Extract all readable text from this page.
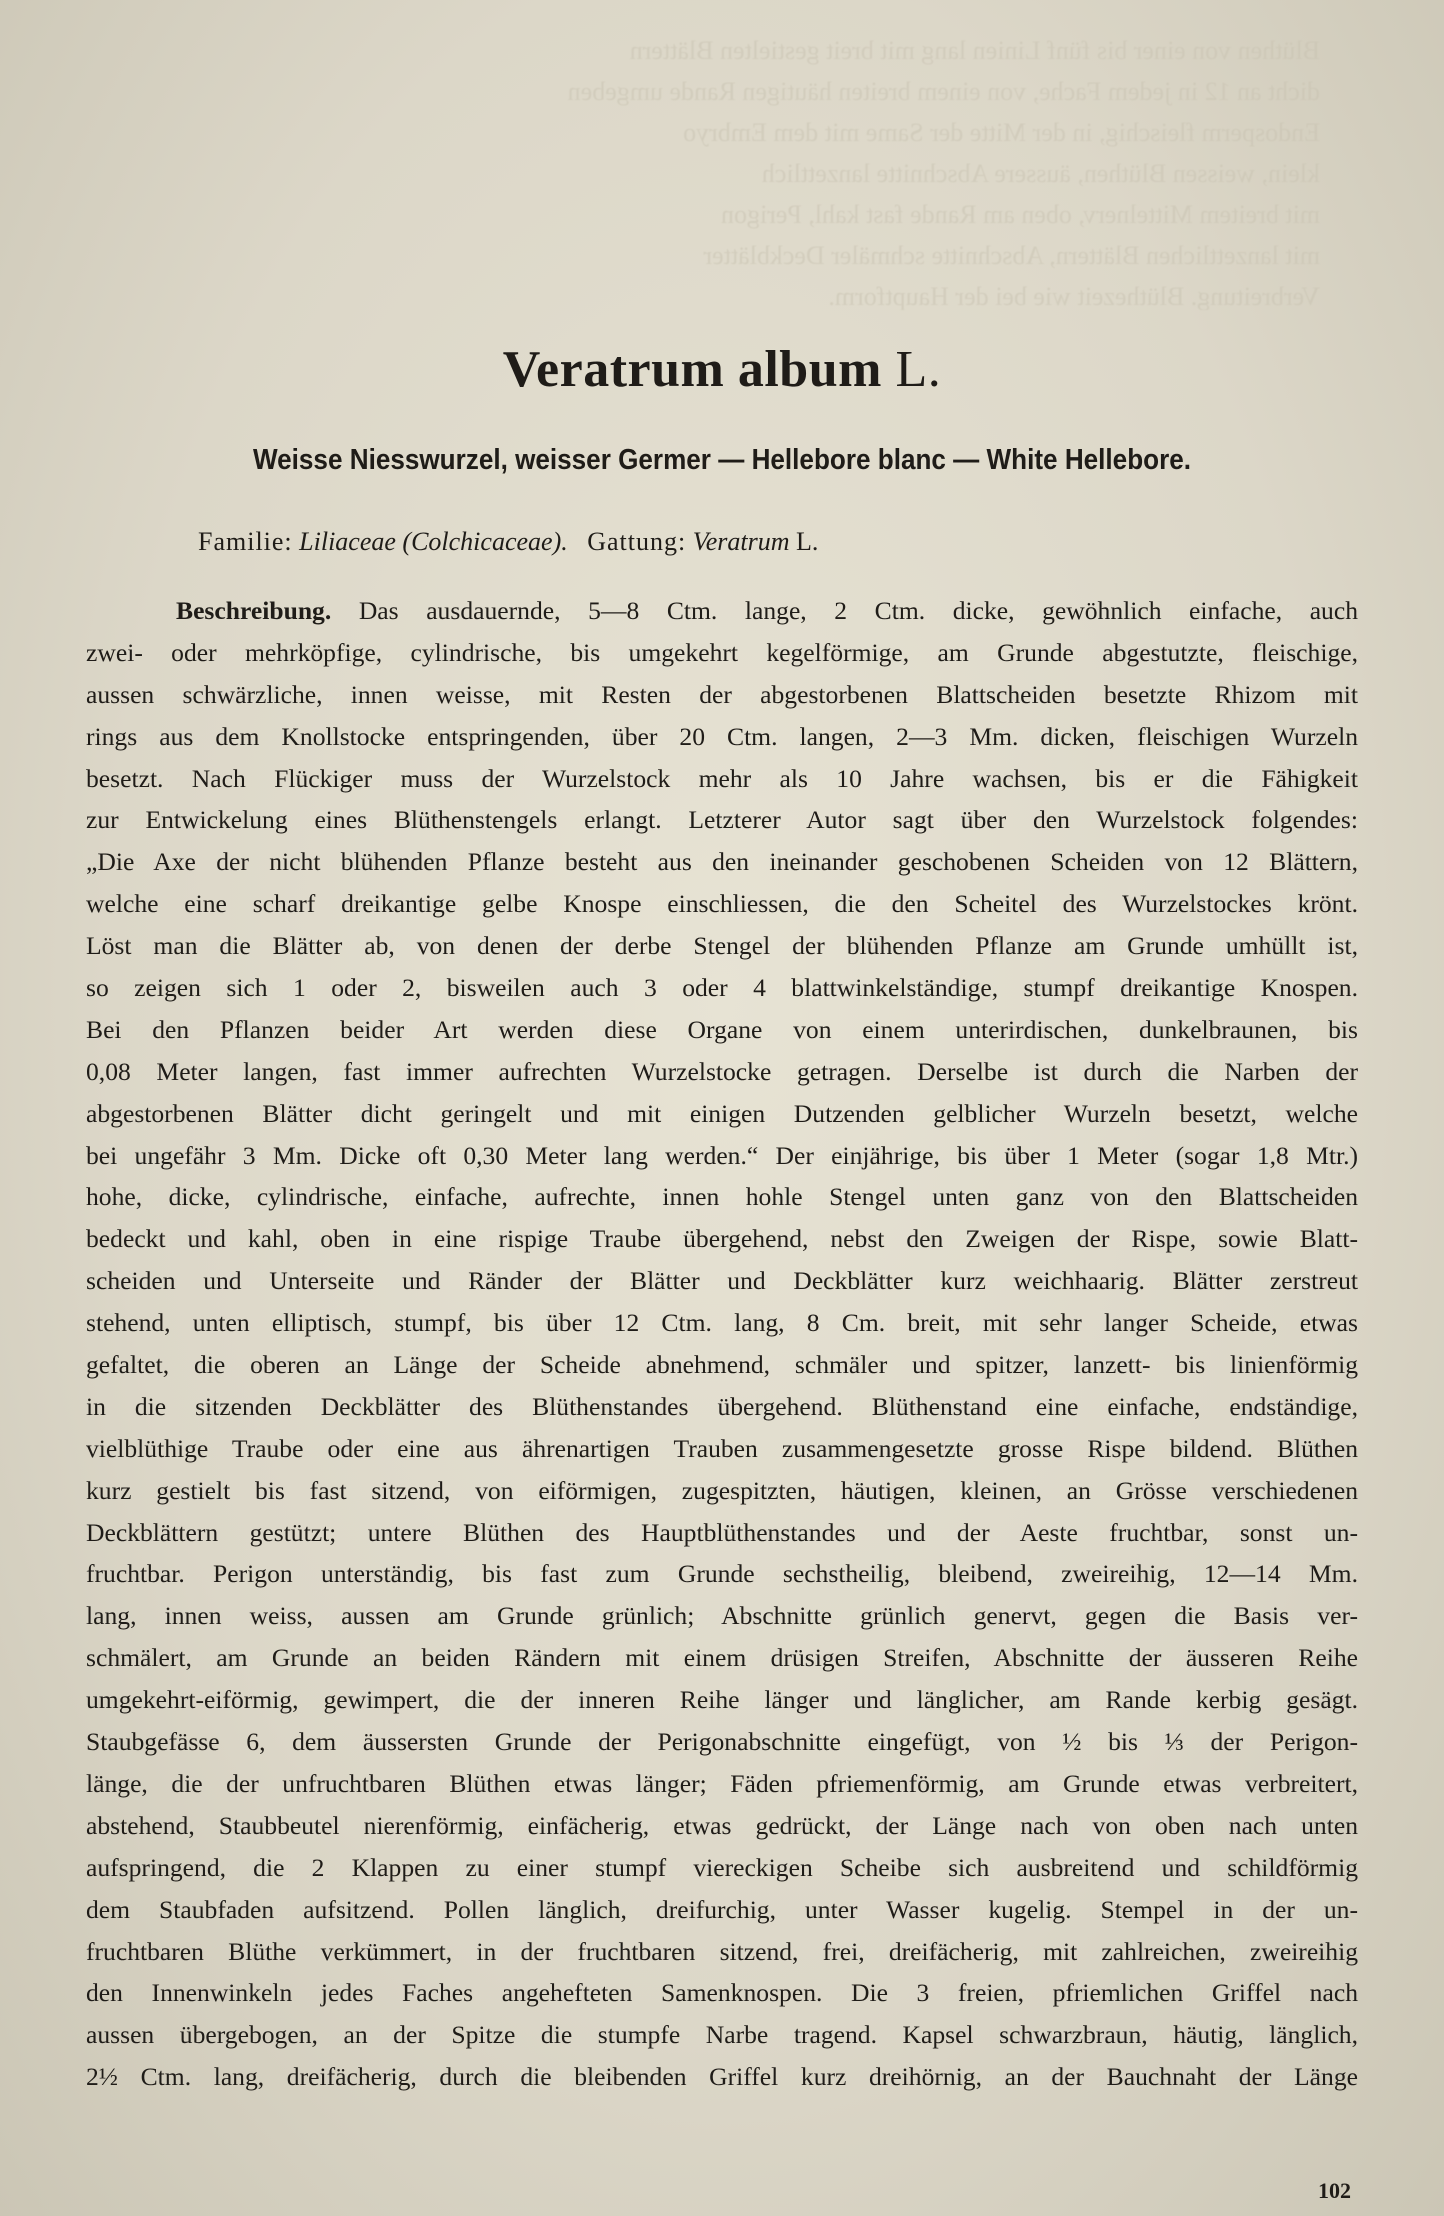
Blüthen von einer bis fünf Linien lang mit breit gestielten Blättern
dicht an 12 in jedem Fache, von einem breiten häutigen Rande umgeben
Endosperm fleischig, in der Mitte der Same mit dem Embryo
klein, weissen Blüthen, äussere Abschnitte lanzettlich
mit breitem Mittelnerv, oben am Rande fast kahl, Perigon
mit lanzettlichen Blättern, Abschnitte schmäler Deckblätter
Verbreitung. Blüthezeit wie bei der Hauptform.
Veratrum album L.
Weisse Niesswurzel, weisser Germer — Hellebore blanc — White Hellebore.

Familie: Liliaceae (Colchicaceae). Gattung: Veratrum L.

Beschreibung. Das ausdauernde, 5—8 Ctm. lange, 2 Ctm. dicke, gewöhnlich einfache, auch
zwei- oder mehrköpfige, cylindrische, bis umgekehrt kegelförmige, am Grunde abgestutzte, fleischige,
aussen schwärzliche, innen weisse, mit Resten der abgestorbenen Blattscheiden besetzte Rhizom mit
rings aus dem Knollstocke entspringenden, über 20 Ctm. langen, 2—3 Mm. dicken, fleischigen Wurzeln
besetzt. Nach Flückiger muss der Wurzelstock mehr als 10 Jahre wachsen, bis er die Fähigkeit
zur Entwickelung eines Blüthenstengels erlangt. Letzterer Autor sagt über den Wurzelstock folgendes:
„Die Axe der nicht blühenden Pflanze besteht aus den ineinander geschobenen Scheiden von 12 Blättern,
welche eine scharf dreikantige gelbe Knospe einschliessen, die den Scheitel des Wurzelstockes krönt.
Löst man die Blätter ab, von denen der derbe Stengel der blühenden Pflanze am Grunde umhüllt ist,
so zeigen sich 1 oder 2, bisweilen auch 3 oder 4 blattwinkelständige, stumpf dreikantige Knospen.
Bei den Pflanzen beider Art werden diese Organe von einem unterirdischen, dunkelbraunen, bis
0,08 Meter langen, fast immer aufrechten Wurzelstocke getragen. Derselbe ist durch die Narben der
abgestorbenen Blätter dicht geringelt und mit einigen Dutzenden gelblicher Wurzeln besetzt, welche
bei ungefähr 3 Mm. Dicke oft 0,30 Meter lang werden.“ Der einjährige, bis über 1 Meter (sogar 1,8 Mtr.)
hohe, dicke, cylindrische, einfache, aufrechte, innen hohle Stengel unten ganz von den Blattscheiden
bedeckt und kahl, oben in eine rispige Traube übergehend, nebst den Zweigen der Rispe, sowie Blatt-
scheiden und Unterseite und Ränder der Blätter und Deckblätter kurz weichhaarig. Blätter zerstreut
stehend, unten elliptisch, stumpf, bis über 12 Ctm. lang, 8 Cm. breit, mit sehr langer Scheide, etwas
gefaltet, die oberen an Länge der Scheide abnehmend, schmäler und spitzer, lanzett- bis linienförmig
in die sitzenden Deckblätter des Blüthenstandes übergehend. Blüthenstand eine einfache, endständige,
vielblüthige Traube oder eine aus ährenartigen Trauben zusammengesetzte grosse Rispe bildend. Blüthen
kurz gestielt bis fast sitzend, von eiförmigen, zugespitzten, häutigen, kleinen, an Grösse verschiedenen
Deckblättern gestützt; untere Blüthen des Hauptblüthenstandes und der Aeste fruchtbar, sonst un-
fruchtbar. Perigon unterständig, bis fast zum Grunde sechstheilig, bleibend, zweireihig, 12—14 Mm.
lang, innen weiss, aussen am Grunde grünlich; Abschnitte grünlich genervt, gegen die Basis ver-
schmälert, am Grunde an beiden Rändern mit einem drüsigen Streifen, Abschnitte der äusseren Reihe
umgekehrt-eiförmig, gewimpert, die der inneren Reihe länger und länglicher, am Rande kerbig gesägt.
Staubgefässe 6, dem äussersten Grunde der Perigonabschnitte eingefügt, von ½ bis ⅓ der Perigon-
länge, die der unfruchtbaren Blüthen etwas länger; Fäden pfriemenförmig, am Grunde etwas verbreitert,
abstehend, Staubbeutel nierenförmig, einfächerig, etwas gedrückt, der Länge nach von oben nach unten
aufspringend, die 2 Klappen zu einer stumpf viereckigen Scheibe sich ausbreitend und schildförmig
dem Staubfaden aufsitzend. Pollen länglich, dreifurchig, unter Wasser kugelig. Stempel in der un-
fruchtbaren Blüthe verkümmert, in der fruchtbaren sitzend, frei, dreifächerig, mit zahlreichen, zweireihig
den Innenwinkeln jedes Faches angehefteten Samenknospen. Die 3 freien, pfriemlichen Griffel nach
aussen übergebogen, an der Spitze die stumpfe Narbe tragend. Kapsel schwarzbraun, häutig, länglich,
2½ Ctm. lang, dreifächerig, durch die bleibenden Griffel kurz dreihörnig, an der Bauchnaht der Länge
102
